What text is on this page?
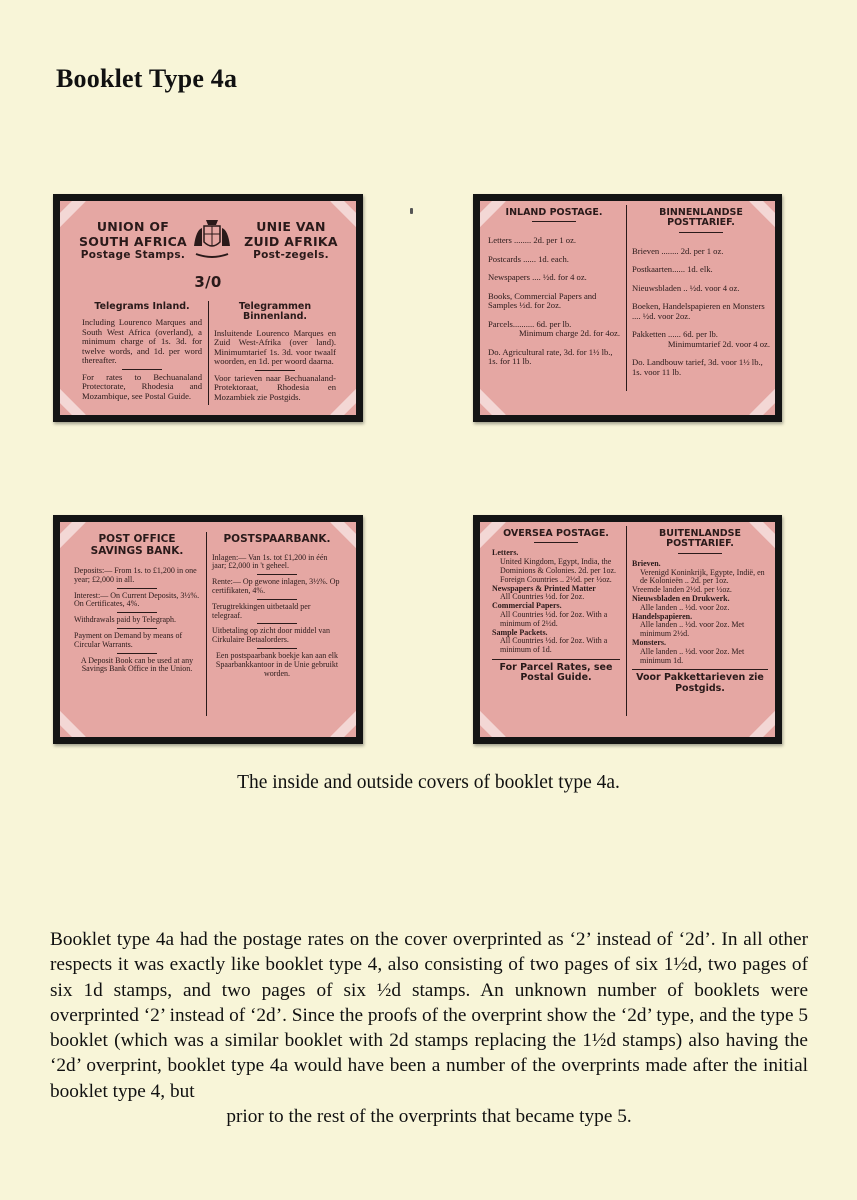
Booklet Type 4a
UNION OF
SOUTH AFRICA
Postage Stamps.
UNIE VAN
ZUID AFRIKA
Post-zegels.
3/0
Telegrams Inland.
Including Lourenco Marques and South West Africa (overland), a minimum charge of 1s. 3d. for twelve words, and 1d. per word thereafter.
For rates to Bechuanaland Protectorate, Rhodesia and Mozambique, see Postal Guide.
Telegrammen Binnenland.
Insluitende Lourenco Marques en Zuid West-Afrika (over land). Minimumtarief 1s. 3d. voor twaalf woorden, en 1d. per woord daarna.
Voor tarieven naar Bechuanaland-Protektoraat, Rhodesia en Mozambiek zie Postgids.
INLAND POSTAGE.
Letters ........ 2d. per 1 oz.
Postcards ...... 1d. each.
Newspapers .... ½d. for 4 oz.
Books, Commercial Papers and Samples ½d. for 2oz.
Parcels.......... 6d. per lb.
Minimum charge 2d. for 4oz.
Do. Agricultural rate, 3d. for 1½ lb., 1s. for 11 lb.
BINNENLANDSE POSTTARIEF.
Brieven ........ 2d. per 1 oz.
Postkaarten...... 1d. elk.
Nieuwsbladen .. ½d. voor 4 oz.
Boeken, Handelspapieren en Monsters .... ½d. voor 2oz.
Pakketten ...... 6d. per lb.
Minimumtarief 2d. voor 4 oz.
Do. Landbouw tarief, 3d. voor 1½ lb., 1s. voor 11 lb.
POST OFFICE
SAVINGS BANK.
Deposits:— From 1s. to £1,200 in one year; £2,000 in all.
Interest:— On Current Deposits, 3½%. On Certificates, 4%.
Withdrawals paid by Telegraph.
Payment on Demand by means of Circular Warrants.
A Deposit Book can be used at any Savings Bank Office in the Union.
POSTSPAARBANK.
Inlagen:— Van 1s. tot £1,200 in één jaar; £2,000 in 't geheel.
Rente:— Op gewone inlagen, 3½%. Op certifikaten, 4%.
Terugtrekkingen uitbetaald per telegraaf.
Uitbetaling op zicht door middel van Cirkulaire Betaalorders.
Een postspaarbank boekje kan aan elk Spaarbankkantoor in de Unie gebruikt worden.
OVERSEA POSTAGE.
Letters.
United Kingdom, Egypt, India, the Dominions & Colonies. 2d. per 1oz.
Foreign Countries .. 2½d. per ½oz.
Newspapers & Printed Matter
All Countries ½d. for 2oz.
Commercial Papers.
All Countries ½d. for 2oz. With a minimum of 2½d.
Sample Packets.
All Countries ½d. for 2oz. With a minimum of 1d.
For Parcel Rates, see Postal Guide.
BUITENLANDSE POSTTARIEF.
Brieven.
Verenigd Koninkrijk, Egypte, Indië, en de Kolonieën .. 2d. per 1oz.
Vreemde landen 2½d. per ½oz.
Nieuwsbladen en Drukwerk.
Alle landen .. ½d. voor 2oz.
Handelspapieren.
Alle landen .. ½d. voor 2oz. Met minimum 2½d.
Monsters.
Alle landen .. ½d. voor 2oz. Met minimum 1d.
Voor Pakkettarieven zie Postgids.
The inside and outside covers of booklet type 4a.
Booklet type 4a had the postage rates on the cover overprinted as ‘2’ instead of ‘2d’. In all other respects it was exactly like booklet type 4, also consisting of two pages of six 1½d, two pages of six 1d stamps, and two pages of six ½d stamps. An unknown number of booklets were overprinted ‘2’ instead of ‘2d’. Since the proofs of the overprint show the ‘2d’ type, and the type 5 booklet (which was a similar booklet with 2d stamps replacing the 1½d stamps) also having the ‘2d’ overprint, booklet type 4a would have been a number of the overprints made after the initial booklet type 4, but
prior to the rest of the overprints that became type 5.
